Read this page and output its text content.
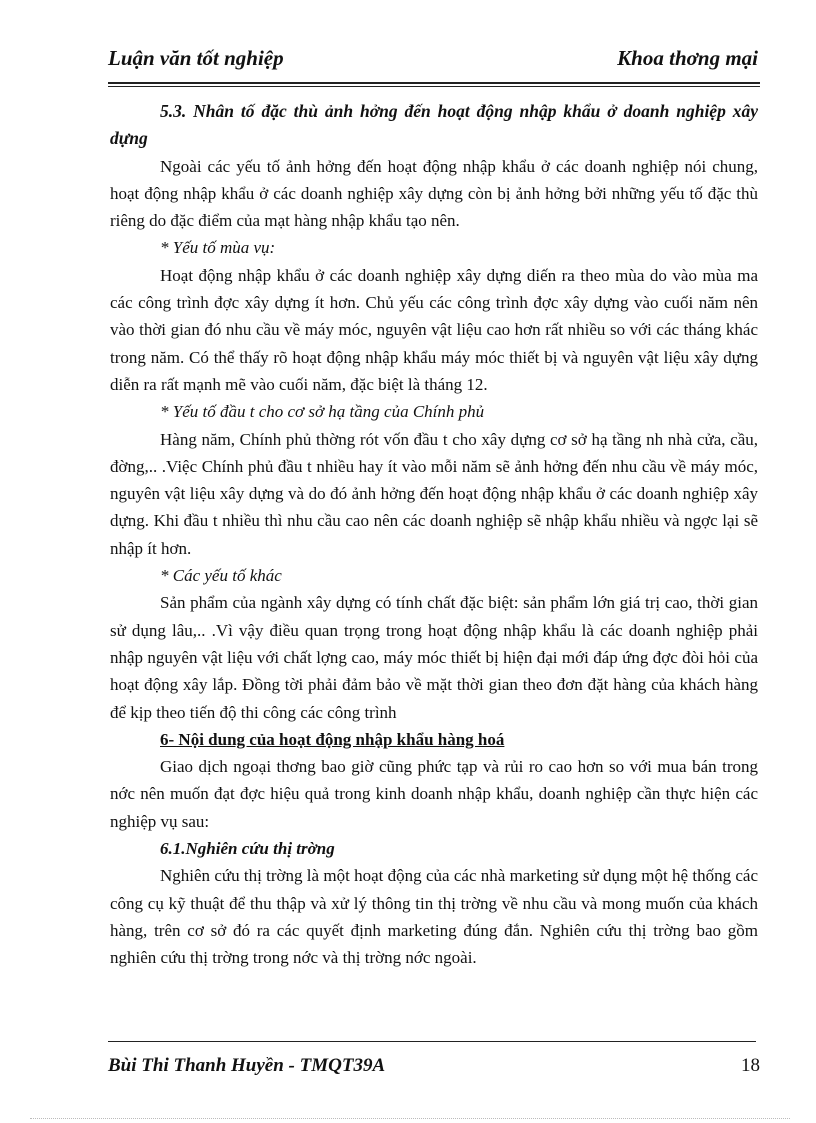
Luận văn tốt nghiệp	Khoa thơng mại

5.3. Nhân tố đặc thù ảnh hởng đến hoạt động nhập khẩu ở doanh nghiệp xây dựng

Ngoài các yếu tố ảnh hởng đến hoạt động nhập khẩu ở các doanh nghiệp nói chung, hoạt động nhập khẩu ở các doanh nghiệp xây dựng còn bị ảnh hởng bởi những yếu tố đặc thù riêng do đặc điểm của mạt hàng nhập khẩu tạo nên.

* Yếu tố mùa vụ:

Hoạt động nhập khẩu ở các doanh nghiệp xây dựng diến ra theo mùa do vào mùa ma các công trình đợc xây dựng ít hơn. Chủ yếu các công trình đợc xây dựng vào cuối năm nên vào thời gian đó nhu cầu về máy móc, nguyên vật liệu cao hơn rất nhiều so với các tháng khác trong năm. Có thể thấy rõ hoạt động nhập khẩu máy móc thiết bị và nguyên vật liệu xây dựng diễn ra rất mạnh mẽ vào cuối năm, đặc biệt là tháng 12.

* Yếu tố đầu t cho cơ sở hạ tầng của Chính phủ

Hàng năm, Chính phủ thờng rót vốn đầu t cho xây dựng cơ sở hạ tầng nh nhà cửa, cầu, đờng,.. .Việc Chính phủ đầu t nhiều hay ít vào mỗi năm sẽ ảnh hởng đến nhu cầu về máy móc, nguyên vật liệu xây dựng và do đó ảnh hởng đến hoạt động nhập khẩu ở các doanh nghiệp xây dựng. Khi đầu t nhiều thì nhu cầu cao nên các doanh nghiệp sẽ nhập khẩu nhiều và ngợc lại sẽ nhập ít hơn.

* Các yếu tố khác

Sản phẩm của ngành xây dựng có tính chất đặc biệt: sản phẩm lớn giá trị cao, thời gian sử dụng lâu,.. .Vì vậy điều quan trọng trong hoạt động nhập khẩu là các doanh nghiệp phải nhập nguyên vật liệu với chất lợng cao, máy móc thiết bị hiện đại mới đáp ứng đợc đòi hỏi của hoạt động xây lắp. Đồng tời phải đảm bảo về mặt thời gian theo đơn đặt hàng của khách hàng để kịp theo tiến độ thi công các công trình

6- Nội dung của hoạt động nhập khẩu hàng hoá

Giao dịch ngoại thơng bao giờ cũng phức tạp và rủi ro cao hơn so với mua bán trong nớc nên muốn đạt đợc hiệu quả trong kinh doanh nhập khẩu, doanh nghiệp cần thực hiện các nghiệp vụ sau:

6.1.Nghiên cứu thị trờng

Nghiên cứu thị trờng là một hoạt động của các nhà marketing sử dụng một hệ thống các công cụ kỹ thuật để thu thập và xử lý thông tin thị trờng về nhu cầu và mong muốn của khách hàng, trên cơ sở đó ra các quyết định marketing đúng đắn. Nghiên cứu thị trờng bao gồm nghiên cứu thị trờng trong nớc và thị trờng nớc ngoài.

Bùi Thi Thanh Huyền - TMQT39A	18
